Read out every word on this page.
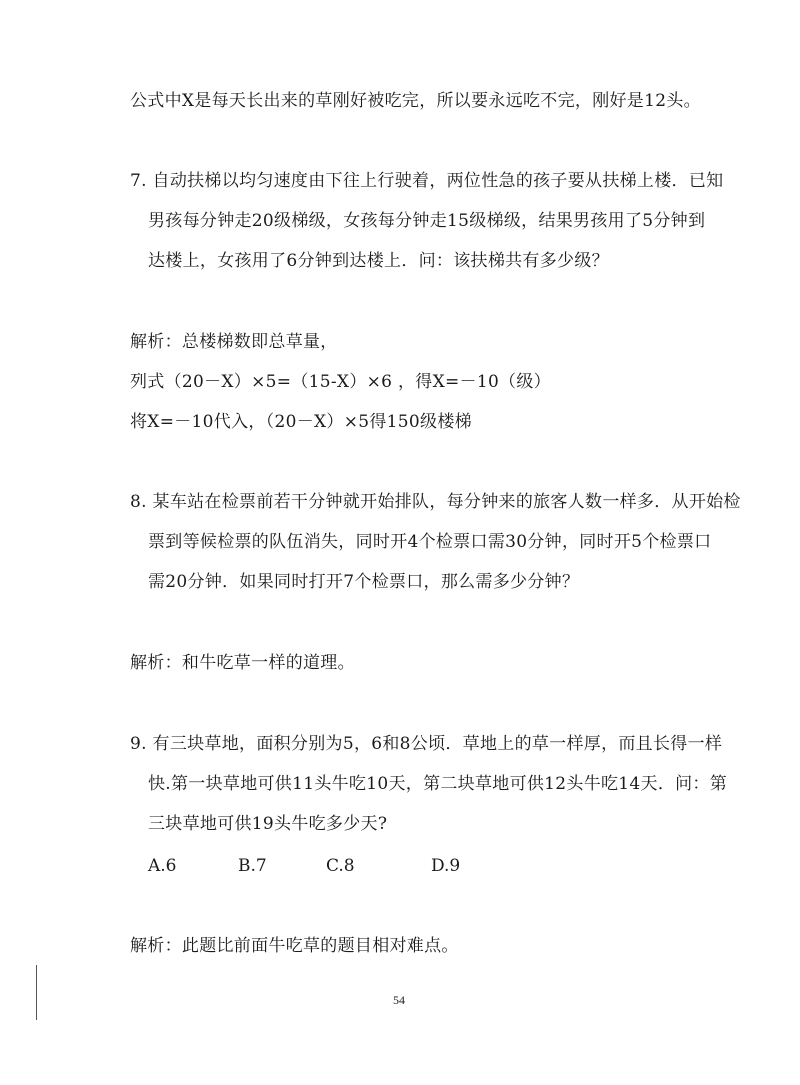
公式中X是每天长出来的草刚好被吃完，所以要永远吃不完，刚好是12头。
7. 自动扶梯以均匀速度由下往上行驶着，两位性急的孩子要从扶梯上楼．已知
男孩每分钟走20级梯级，女孩每分钟走15级梯级，结果男孩用了5分钟到
达楼上，女孩用了6分钟到达楼上．问：该扶梯共有多少级？
解析：总楼梯数即总草量，
列式（20－X）×5=（15-X）×6 ，得X=－10（级）
将X=－10代入，（20－X）×5得150级楼梯
8. 某车站在检票前若干分钟就开始排队，每分钟来的旅客人数一样多．从开始检
票到等候检票的队伍消失，同时开4个检票口需30分钟，同时开5个检票口
需20分钟．如果同时打开7个检票口，那么需多少分钟？
解析：和牛吃草一样的道理。
9. 有三块草地，面积分别为5，6和8公顷．草地上的草一样厚，而且长得一样
快.第一块草地可供11头牛吃10天，第二块草地可供12头牛吃14天．问：第
三块草地可供19头牛吃多少天?
A.6	B.7	C.8	D.9
解析：此题比前面牛吃草的题目相对难点。
54
